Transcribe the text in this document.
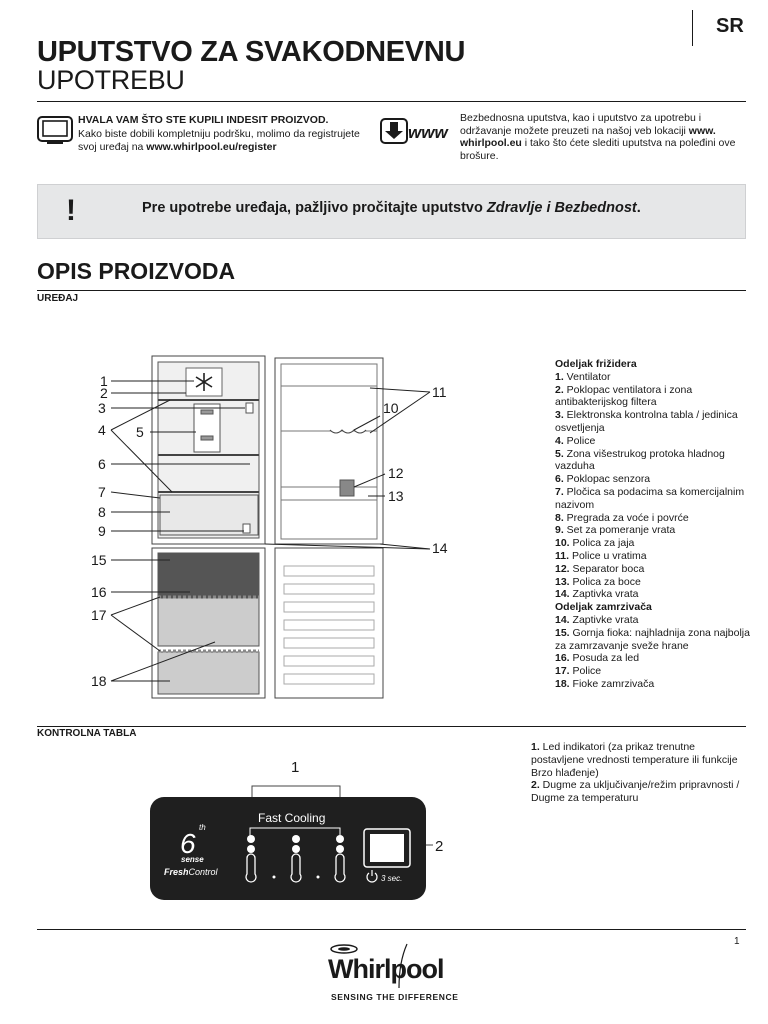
SR
UPUTSTVO ZA SVAKODNEVNU
UPOTREBU
HVALA VAM ŠTO STE KUPILI INDESIT PROIZVOD.
Kako biste dobili kompletniju podršku, molimo da registrujete svoj uređaj na www.whirlpool.eu/register
www
Bezbednosna uputstva, kao i uputstvo za upotrebu i održavanje možete preuzeti na našoj veb lokaciji www. whirlpool.eu i tako što ćete slediti uputstva na poleđini ove brošure.
!	Pre upotrebe uređaja, pažljivo pročitajte uputstvo Zdravlje i Bezbednost.
OPIS PROIZVODA
UREĐAJ
1
2
3
4 5
6
7
8
9
10
11
12
13
14
15
16
17
18
Odeljak frižidera
1. Ventilator
2. Poklopac ventilatora i zona antibakterijskog filtera
3. Elektronska kontrolna tabla / jedinica osvetljenja
4. Police
5. Zona višestrukog protoka hladnog vazduha
6. Poklopac senzora
7. Pločica sa podacima sa komercijalnim nazivom
8. Pregrada za voće i povrće
9. Set za pomeranje vrata
10. Polica za jaja
11. Police u vratima
12. Separator boca
13. Polica za boce
14. Zaptivka vrata
Odeljak zamrzivača
14. Zaptivke vrata
15. Gornja fioka: najhladnija zona najbolja za zamrzavanje sveže hrane
16. Posuda za led
17. Police
18. Fioke zamrzivača
KONTROLNA TABLA
1
2
Fast Cooling
6
th
sense
FreshControl
3 sec.
1. Led indikatori (za prikaz trenutne postavljene vrednosti temperature ili funkcije Brzo hlađenje)
2. Dugme za uključivanje/režim pripravnosti / Dugme za temperaturu
1
Whirlpool
SENSING THE DIFFERENCE
